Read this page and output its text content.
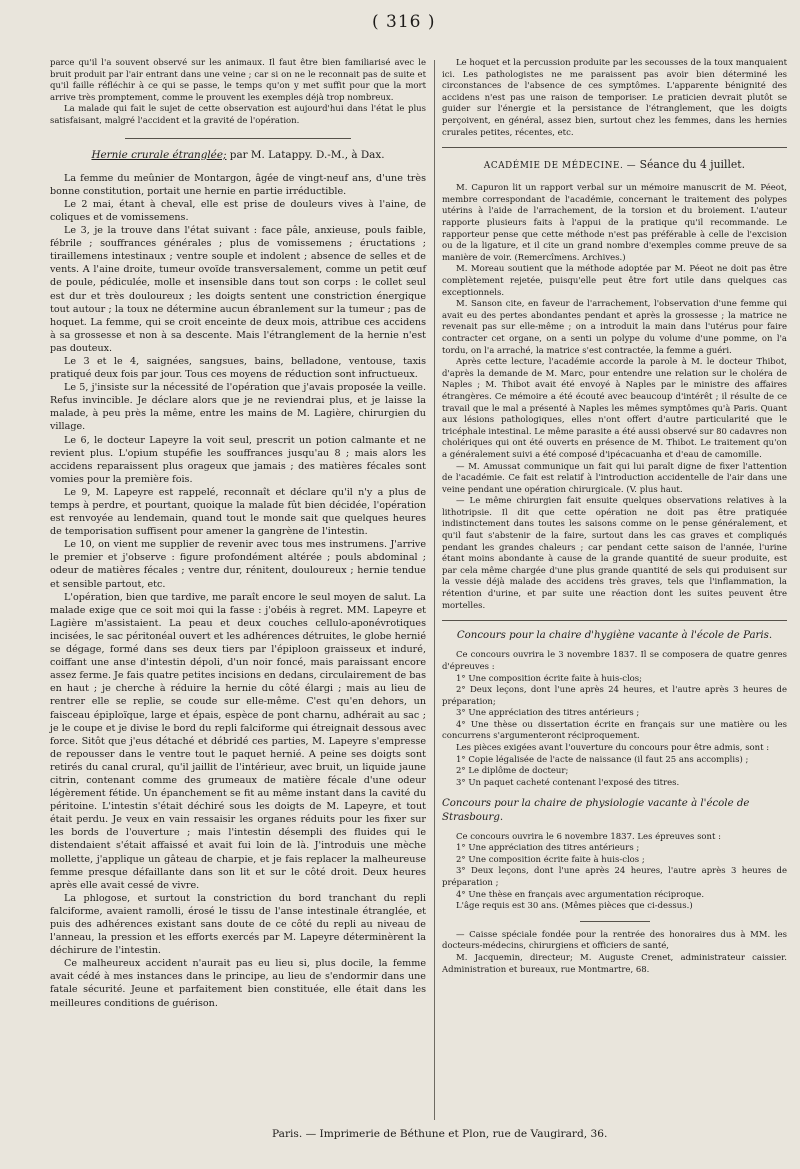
( 316 )

parce qu'il l'a souvent observé sur les animaux. Il faut être bien familiarisé avec le bruit produit par l'air entrant dans une veine ; car si on ne le reconnait pas de suite et qu'il faille réfléchir à ce qui se passe, le temps qu'on y met suffit pour que la mort arrive très promptement, comme le prouvent les exemples déjà trop nombreux.

La malade qui fait le sujet de cette observation est aujourd'hui dans l'état le plus satisfaisant, malgré l'accident et la gravité de l'opération.

Hernie crurale étranglée; par M. Latappy. D.-M., à Dax.

La femme du meûnier de Montargon, âgée de vingt-neuf ans, d'une très bonne constitution, portait une hernie en partie irréductible.

Le 2 mai, étant à cheval, elle est prise de douleurs vives à l'aine, de coliques et de vomissemens.

Le 3, je la trouve dans l'état suivant : face pâle, anxieuse, pouls faible, fébrile ; souffrances générales ; plus de vomissemens ; éructations ; tiraillemens intestinaux ; ventre souple et indolent ; absence de selles et de vents. A l'aine droite, tumeur ovoïde transversalement, comme un petit œuf de poule, pédiculée, molle et insensible dans tout son corps : le collet seul est dur et très douloureux ; les doigts sentent une constriction énergique tout autour ; la toux ne détermine aucun ébranlement sur la tumeur ; pas de hoquet. La femme, qui se croit enceinte de deux mois, attribue ces accidens à sa grossesse et non à sa descente. Mais l'étranglement de la hernie n'est pas douteux.

Le 3 et le 4, saignées, sangsues, bains, belladone, ventouse, taxis pratiqué deux fois par jour. Tous ces moyens de réduction sont infructueux.

Le 5, j'insiste sur la nécessité de l'opération que j'avais proposée la veille. Refus invincible. Je déclare alors que je ne reviendrai plus, et je laisse la malade, à peu près la même, entre les mains de M. Lagière, chirurgien du village.

Le 6, le docteur Lapeyre la voit seul, prescrit un potion calmante et ne revient plus. L'opium stupéfie les souffrances jusqu'au 8 ; mais alors les accidens reparaissent plus orageux que jamais ; des matières fécales sont vomies pour la première fois.

Le 9, M. Lapeyre est rappelé, reconnaît et déclare qu'il n'y a plus de temps à perdre, et pourtant, quoique la malade fût bien décidée, l'opération est renvoyée au lendemain, quand tout le monde sait que quelques heures de temporisation suffisent pour amener la gangrène de l'intestin.

Le 10, on vient me supplier de revenir avec tous mes instrumens. J'arrive le premier et j'observe : figure profondément altérée ; pouls abdominal ; odeur de matières fécales ; ventre dur, rénitent, douloureux ; hernie tendue et sensible partout, etc.

L'opération, bien que tardive, me paraît encore le seul moyen de salut. La malade exige que ce soit moi qui la fasse : j'obéis à regret. MM. Lapeyre et Lagière m'assistaient. La peau et deux couches cellulo-aponévrotiques incisées, le sac péritonéal ouvert et les adhérences détruites, le globe hernié se dégage, formé dans ses deux tiers par l'épiploon graisseux et induré, coiffant une anse d'intestin dépoli, d'un noir foncé, mais paraissant encore assez ferme. Je fais quatre petites incisions en dedans, circulairement de bas en haut ; je cherche à réduire la hernie du côté élargi ; mais au lieu de rentrer elle se replie, se coude sur elle-même. C'est qu'en dehors, un faisceau épiploïque, large et épais, espèce de pont charnu, adhérait au sac ; je le coupe et je divise le bord du repli falciforme qui étreignait dessous avec force. Sitôt que j'eus détaché et débridé ces parties, M. Lapeyre s'empresse de repousser dans le ventre tout le paquet hernié. A peine ses doigts sont retirés du canal crural, qu'il jaillit de l'intérieur, avec bruit, un liquide jaune citrin, contenant comme des grumeaux de matière fécale d'une odeur légèrement fétide. Un épanchement se fit au même instant dans la cavité du péritoine. L'intestin s'était déchiré sous les doigts de M. Lapeyre, et tout était perdu. Je veux en vain ressaisir les organes réduits pour les fixer sur les bords de l'ouverture ; mais l'intestin désempli des fluides qui le distendaient s'était affaissé et avait fui loin de là. J'introduis une mèche mollette, j'applique un gâteau de charpie, et je fais replacer la malheureuse femme presque défaillante dans son lit et sur le côté droit. Deux heures après elle avait cessé de vivre.

La phlogose, et surtout la constriction du bord tranchant du repli falciforme, avaient ramolli, érosé le tissu de l'anse intestinale étranglée, et puis des adhérences existant sans doute de ce côté du repli au niveau de l'anneau, la pression et les efforts exercés par M. Lapeyre déterminèrent la déchirure de l'intestin.

Ce malheureux accident n'aurait pas eu lieu si, plus docile, la femme avait cédé à mes instances dans le principe, au lieu de s'endormir dans une fatale sécurité. Jeune et parfaitement bien constituée, elle était dans les meilleures conditions de guérison.

Le hoquet et la percussion produite par les secousses de la toux manquaient ici. Les pathologistes ne me paraissent pas avoir bien déterminé les circonstances de l'absence de ces symptômes. L'apparente bénignité des accidens n'est pas une raison de temporiser. Le praticien devrait plutôt se guider sur l'énergie et la persistance de l'étranglement, que les doigts perçoivent, en général, assez bien, surtout chez les femmes, dans les hernies crurales petites, récentes, etc.

ACADÉMIE DE MÉDECINE. — Séance du 4 juillet.

M. Capuron lit un rapport verbal sur un mémoire manuscrit de M. Péeot, membre correspondant de l'académie, concernant le traitement des polypes utérins à l'aide de l'arrachement, de la torsion et du broiement. L'auteur rapporte plusieurs faits à l'appui de la pratique qu'il recommande. Le rapporteur pense que cette méthode n'est pas préférable à celle de l'excision ou de la ligature, et il cite un grand nombre d'exemples comme preuve de sa manière de voir. (Remercîmens. Archives.)

M. Moreau soutient que la méthode adoptée par M. Péeot ne doit pas être complètement rejetée, puisqu'elle peut être fort utile dans quelques cas exceptionnels.

M. Sanson cite, en faveur de l'arrachement, l'observation d'une femme qui avait eu des pertes abondantes pendant et après la grossesse ; la matrice ne revenait pas sur elle-même ; on a introduit la main dans l'utérus pour faire contracter cet organe, on a senti un polype du volume d'une pomme, on l'a tordu, on l'a arraché, la matrice s'est contractée, la femme a guéri.

Après cette lecture, l'académie accorde la parole à M. le docteur Thibot, d'après la demande de M. Marc, pour entendre une relation sur le choléra de Naples ; M. Thibot avait été envoyé à Naples par le ministre des affaires étrangères. Ce mémoire a été écouté avec beaucoup d'intérêt ; il résulte de ce travail que le mal a présenté à Naples les mêmes symptômes qu'à Paris. Quant aux lésions pathologiques, elles n'ont offert d'autre particularité que le tricéphale intestinal. Le même parasite a été aussi observé sur 80 cadavres non cholériques qui ont été ouverts en présence de M. Thibot. Le traitement qu'on a généralement suivi a été composé d'ipécacuanha et d'eau de camomille.

— M. Amussat communique un fait qui lui paraît digne de fixer l'attention de l'académie. Ce fait est relatif à l'introduction accidentelle de l'air dans une veine pendant une opération chirurgicale. (V. plus haut.

— Le même chirurgien fait ensuite quelques observations relatives à la lithotripsie. Il dit que cette opération ne doit pas être pratiquée indistinctement dans toutes les saisons comme on le pense généralement, et qu'il faut s'abstenir de la faire, surtout dans les cas graves et compliqués pendant les grandes chaleurs ; car pendant cette saison de l'année, l'urine étant moins abondante à cause de la grande quantité de sueur produite, est par cela même chargée d'une plus grande quantité de sels qui produisent sur la vessie déjà malade des accidens très graves, tels que l'inflammation, la rétention d'urine, et par suite une réaction dont les suites peuvent être mortelles.

Concours pour la chaire d'hygiène vacante à l'école de Paris.

Ce concours ouvrira le 3 novembre 1837. Il se composera de quatre genres d'épreuves :

1° Une composition écrite faite à huis-clos;

2° Deux leçons, dont l'une après 24 heures, et l'autre après 3 heures de préparation;

3° Une appréciation des titres antérieurs ;

4° Une thèse ou dissertation écrite en français sur une matière ou les concurrens s'argumenteront réciproquement.

Les pièces exigées avant l'ouverture du concours pour être admis, sont :

1° Copie légalisée de l'acte de naissance (il faut 25 ans accomplis) ;

2° Le diplôme de docteur;

3° Un paquet cacheté contenant l'exposé des titres.

Concours pour la chaire de physiologie vacante à l'école de Strasbourg.

Ce concours ouvrira le 6 novembre 1837. Les épreuves sont :

1° Une appréciation des titres antérieurs ;

2° Une composition écrite faite à huis-clos ;

3° Deux leçons, dont l'une après 24 heures, l'autre après 3 heures de préparation ;

4° Une thèse en français avec argumentation réciproque.

L'âge requis est 30 ans. (Mêmes pièces que ci-dessus.)

— Caisse spéciale fondée pour la rentrée des honoraires dus à MM. les docteurs-médecins, chirurgiens et officiers de santé,

M. Jacquemin, directeur; M. Auguste Crenet, administrateur caissier. Administration et bureaux, rue Montmartre, 68.

Paris. — Imprimerie de Béthune et Plon, rue de Vaugirard, 36.
